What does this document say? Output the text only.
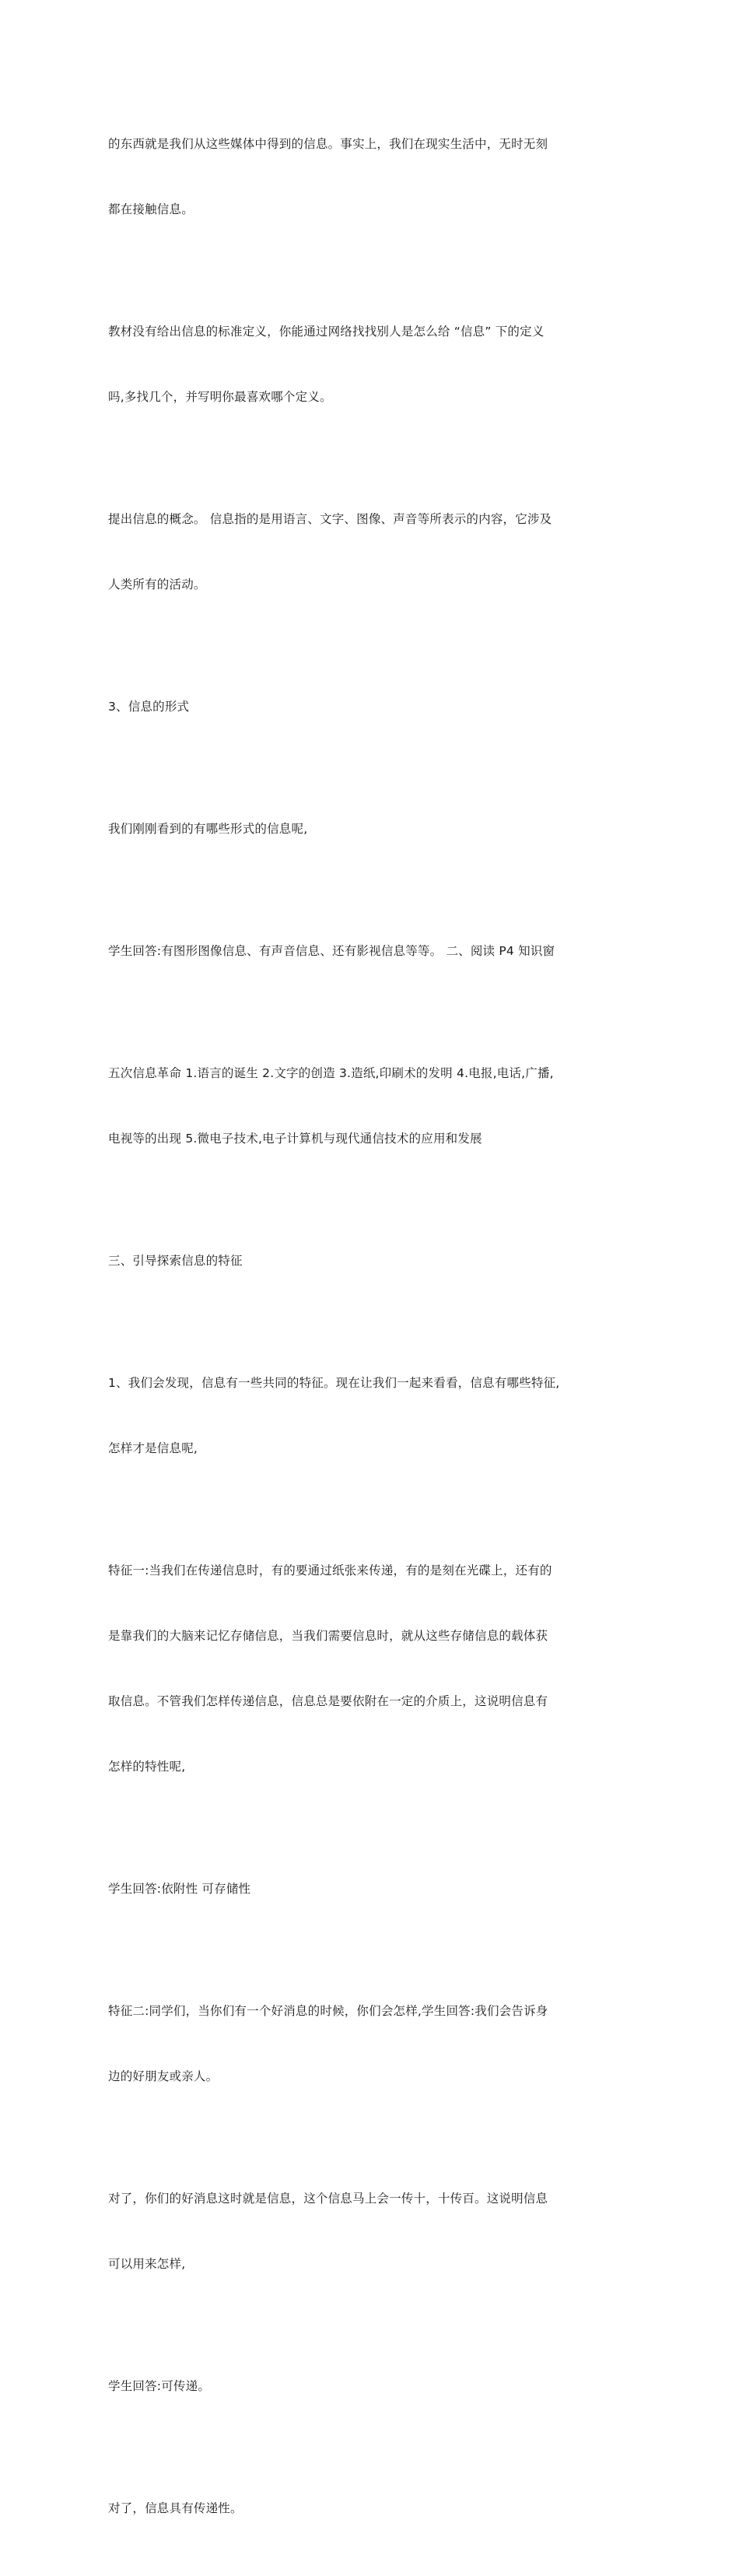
的东西就是我们从这些媒体中得到的信息。事实上，我们在现实生活中，无时无刻

都在接触信息。

教材没有给出信息的标准定义，你能通过网络找找别人是怎么给 “信息” 下的定义

吗,多找几个，并写明你最喜欢哪个定义。

提出信息的概念。 信息指的是用语言、文字、图像、声音等所表示的内容，它涉及

人类所有的活动。

3、信息的形式

我们刚刚看到的有哪些形式的信息呢,

学生回答:有图形图像信息、有声音信息、还有影视信息等等。 二、阅读 P4 知识窗

五次信息革命 1.语言的诞生 2.文字的创造 3.造纸,印刷术的发明 4.电报,电话,广播,

电视等的出现 5.微电子技术,电子计算机与现代通信技术的应用和发展

三、引导探索信息的特征

1、我们会发现，信息有一些共同的特征。现在让我们一起来看看，信息有哪些特征,

怎样才是信息呢,

特征一:当我们在传递信息时，有的要通过纸张来传递，有的是刻在光碟上，还有的

是靠我们的大脑来记忆存储信息，当我们需要信息时，就从这些存储信息的载体获

取信息。不管我们怎样传递信息，信息总是要依附在一定的介质上，这说明信息有

怎样的特性呢,

学生回答:依附性 可存储性

特征二:同学们，当你们有一个好消息的时候，你们会怎样,学生回答:我们会告诉身

边的好朋友或亲人。

对了，你们的好消息这时就是信息，这个信息马上会一传十，十传百。这说明信息

可以用来怎样,

学生回答:可传递。

对了，信息具有传递性。
